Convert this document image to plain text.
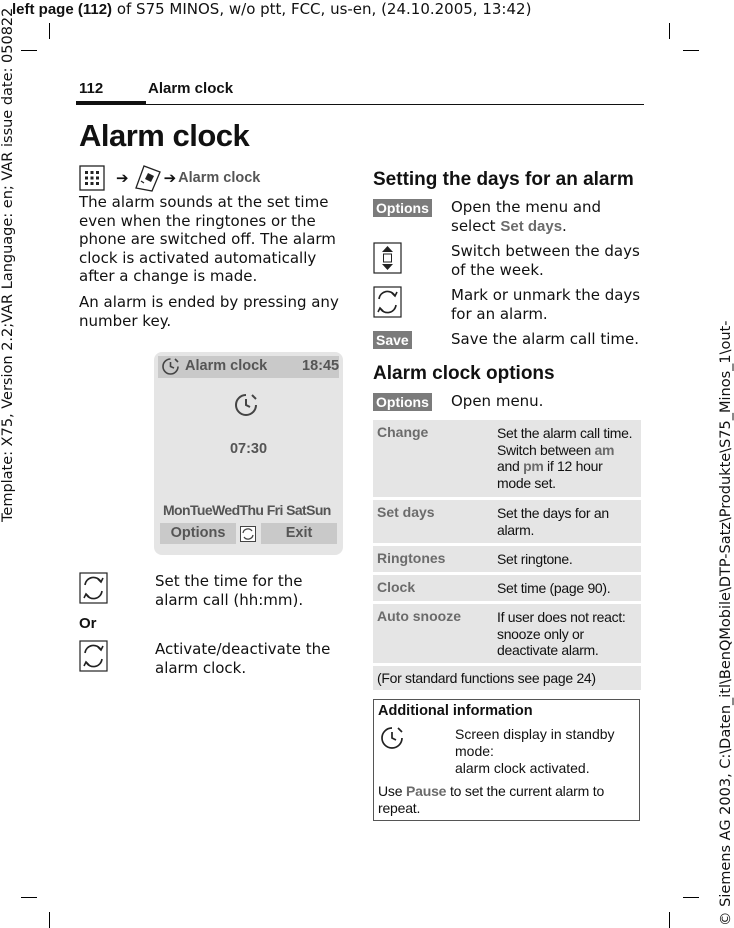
left page (112) of S75 MINOS, w/o ptt, FCC, us-en, (24.10.2005, 13:42)
Template: X75, Version 2.2;VAR Language: en; VAR issue date: 050822
© Siemens AG 2003, C:\Daten_itl\BenQMobile\DTP-Satz\Produkte\S75_Minos_1\out-
112	Alarm clock
Alarm clock
➔ ➔ Alarm clock
The alarm sounds at the set time even when the ringtones or the phone are switched off. The alarm clock is activated automatically after a change is made.
An alarm is ended by pressing any number key.
Alarm clock 18:45
07:30
MonTueWedThu Fri SatSun
Options	Exit
Set the time for the alarm call (hh:mm).
Or
Activate/deactivate the alarm clock.
Setting the days for an alarm
Options Open the menu and select Set days.
Switch between the days of the week.
Mark or unmark the days for an alarm.
Save	Save the alarm call time.
Alarm clock options
Options Open menu.
Change	Set the alarm call time. Switch between am and pm if 12 hour mode set.
Set days	Set the days for an alarm.
Ringtones	Set ringtone.
Clock	Set time (page 90).
Auto snooze	If user does not react: snooze only or deactivate alarm.
(For standard functions see page 24)
Additional information
Screen display in standby mode:
alarm clock activated.
Use Pause to set the current alarm to repeat.
